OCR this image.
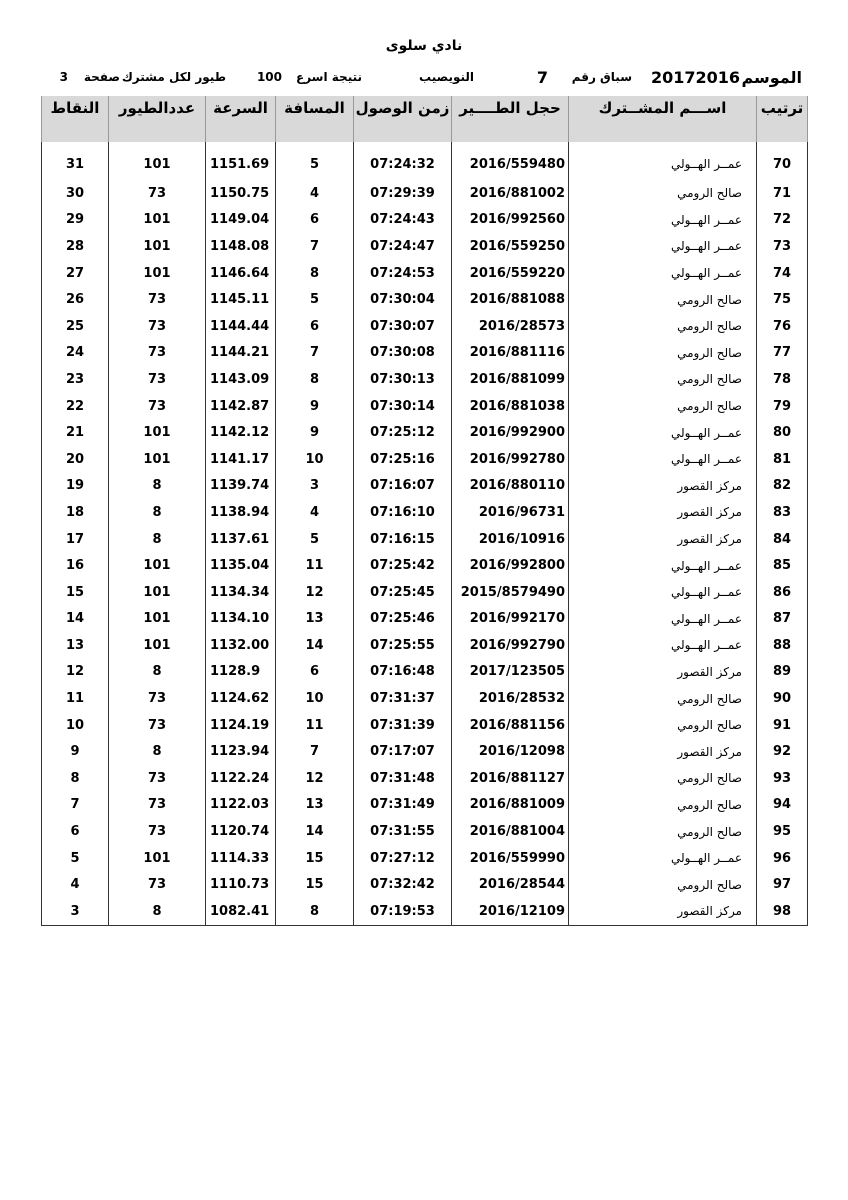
نادي سلوى
الموسم
20172016
سباق رقم
7
النويصيب
نتيجة اسرع
100
طيور لكل مشترك
صفحة
3
النقاط	عددالطيور	السرعة	المسافة	زمن الوصول	حجل الطــــير	اســـم المشــترك	ترتيب
31	101	1151.69	5	07:24:32	2016/559480	عمــر الهــولي	70
30	73	1150.75	4	07:29:39	2016/881002	صالح الرومي	71
29	101	1149.04	6	07:24:43	2016/992560	عمــر الهــولي	72
28	101	1148.08	7	07:24:47	2016/559250	عمــر الهــولي	73
27	101	1146.64	8	07:24:53	2016/559220	عمــر الهــولي	74
26	73	1145.11	5	07:30:04	2016/881088	صالح الرومي	75
25	73	1144.44	6	07:30:07	2016/28573	صالح الرومي	76
24	73	1144.21	7	07:30:08	2016/881116	صالح الرومي	77
23	73	1143.09	8	07:30:13	2016/881099	صالح الرومي	78
22	73	1142.87	9	07:30:14	2016/881038	صالح الرومي	79
21	101	1142.12	9	07:25:12	2016/992900	عمــر الهــولي	80
20	101	1141.17	10	07:25:16	2016/992780	عمــر الهــولي	81
19	8	1139.74	3	07:16:07	2016/880110	مركز القصور	82
18	8	1138.94	4	07:16:10	2016/96731	مركز القصور	83
17	8	1137.61	5	07:16:15	2016/10916	مركز القصور	84
16	101	1135.04	11	07:25:42	2016/992800	عمــر الهــولي	85
15	101	1134.34	12	07:25:45	2015/8579490	عمــر الهــولي	86
14	101	1134.10	13	07:25:46	2016/992170	عمــر الهــولي	87
13	101	1132.00	14	07:25:55	2016/992790	عمــر الهــولي	88
12	8	1128.9	6	07:16:48	2017/123505	مركز القصور	89
11	73	1124.62	10	07:31:37	2016/28532	صالح الرومي	90
10	73	1124.19	11	07:31:39	2016/881156	صالح الرومي	91
9	8	1123.94	7	07:17:07	2016/12098	مركز القصور	92
8	73	1122.24	12	07:31:48	2016/881127	صالح الرومي	93
7	73	1122.03	13	07:31:49	2016/881009	صالح الرومي	94
6	73	1120.74	14	07:31:55	2016/881004	صالح الرومي	95
5	101	1114.33	15	07:27:12	2016/559990	عمــر الهــولي	96
4	73	1110.73	15	07:32:42	2016/28544	صالح الرومي	97
3	8	1082.41	8	07:19:53	2016/12109	مركز القصور	98
